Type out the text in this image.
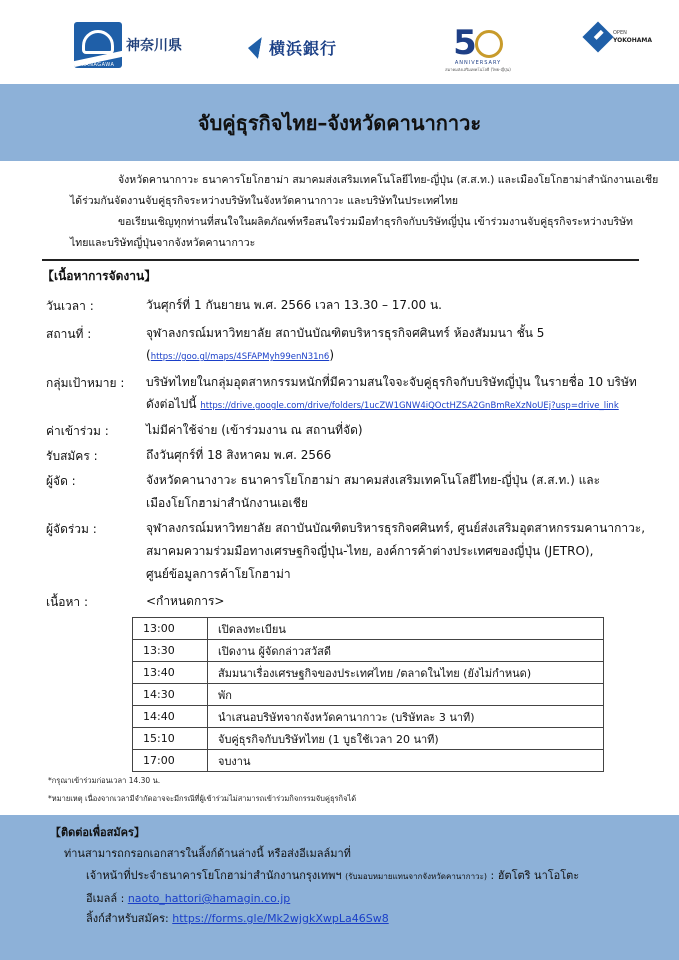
KANAGAWA
神奈川県	横浜銀行	5
ANNIVERSARY
สมาคมส่งเสริมเทคโนโลยี (ไทย-ญี่ปุ่น)
OPEN
YOKOHAMA
จับคู่ธุรกิจไทย–จังหวัดคานากาวะ
จังหวัดคานากาวะ ธนาคารโยโกฮาม่า สมาคมส่งเสริมเทคโนโลยีไทย-ญี่ปุ่น (ส.ส.ท.) และเมืองโยโกฮาม่าสำนักงานเอเชีย
ได้ร่วมกันจัดงานจับคู่ธุรกิจระหว่างบริษัทในจังหวัดคานากาวะ และบริษัทในประเทศไทย
ขอเรียนเชิญทุกท่านที่สนใจในผลิตภัณฑ์หรือสนใจร่วมมือทำธุรกิจกับบริษัทญี่ปุ่น เข้าร่วมงานจับคู่ธุรกิจระหว่างบริษัท
ไทยและบริษัทญี่ปุ่นจากจังหวัดคานากาวะ
【เนื้อหาการจัดงาน】
วันเวลา :	วันศุกร์ที่ 1 กันยายน พ.ศ. 2566 เวลา 13.30 – 17.00 น.
สถานที่ :	จุฬาลงกรณ์มหาวิทยาลัย สถาบันบัณฑิตบริหารธุรกิจศศินทร์ ห้องสัมมนา ชั้น 5
(https://goo.gl/maps/4SFAPMyh99enN31n6)
กลุ่มเป้าหมาย : บริษัทไทยในกลุ่มอุตสาหกรรมหนักที่มีความสนใจจะจับคู่ธุรกิจกับบริษัทญี่ปุ่น ในรายชื่อ 10 บริษัท
ดังต่อไปนี้ https://drive.google.com/drive/folders/1ucZW1GNW4iQOctHZSA2GnBmReXzNoUEj?usp=drive_link
ค่าเข้าร่วม :	ไม่มีค่าใช้จ่าย (เข้าร่วมงาน ณ สถานที่จัด)
รับสมัคร :	ถึงวันศุกร์ที่ 18 สิงหาคม พ.ศ. 2566
ผู้จัด :	จังหวัดคานางาวะ ธนาคารโยโกฮาม่า สมาคมส่งเสริมเทคโนโลยีไทย-ญี่ปุ่น (ส.ส.ท.) และ
เมืองโยโกฮาม่าสำนักงานเอเชีย
ผู้จัดร่วม :	จุฬาลงกรณ์มหาวิทยาลัย สถาบันบัณฑิตบริหารธุรกิจศศินทร์, ศูนย์ส่งเสริมอุตสาหกรรมคานากาวะ,
สมาคมความร่วมมือทางเศรษฐกิจญี่ปุ่น-ไทย, องค์การค้าต่างประเทศของญี่ปุ่น (JETRO),
ศูนย์ข้อมูลการค้าโยโกฮาม่า
เนื้อหา :	<กำหนดการ>
13:00	เปิดลงทะเบียน
13:30	เปิดงาน ผู้จัดกล่าวสวัสดี
13:40	สัมมนาเรื่องเศรษฐกิจของประเทศไทย /ตลาดในไทย (ยังไม่กำหนด)
14:30	พัก
14:40	นำเสนอบริษัทจากจังหวัดคานากาวะ (บริษัทละ 3 นาที)
15:10	จับคู่ธุรกิจกับบริษัทไทย (1 บูธใช้เวลา 20 นาที)
17:00	จบงาน
*กรุณาเข้าร่วมก่อนเวลา 14.30 น.
*หมายเหตุ เนื่องจากเวลามีจำกัดอาจจะมีกรณีที่ผู้เข้าร่วมไม่สามารถเข้าร่วมกิจกรรมจับคู่ธุรกิจได้
【ติดต่อเพื่อสมัคร】
ท่านสามารถกรอกเอกสารในลิ้งก์ด้านล่างนี้ หรือส่งอีเมลล์มาที่
เจ้าหน้าที่ประจำธนาคารโยโกฮาม่าสำนักงานกรุงเทพฯ (รับมอบหมายแทนจากจังหวัดคานากาวะ) : ฮัตโตริ นาโอโตะ
อีเมลล์ : naoto_hattori@hamagin.co.jp
ลิ้งก์สำหรับสมัคร: https://forms.gle/Mk2wjgkXwpLa46Sw8
